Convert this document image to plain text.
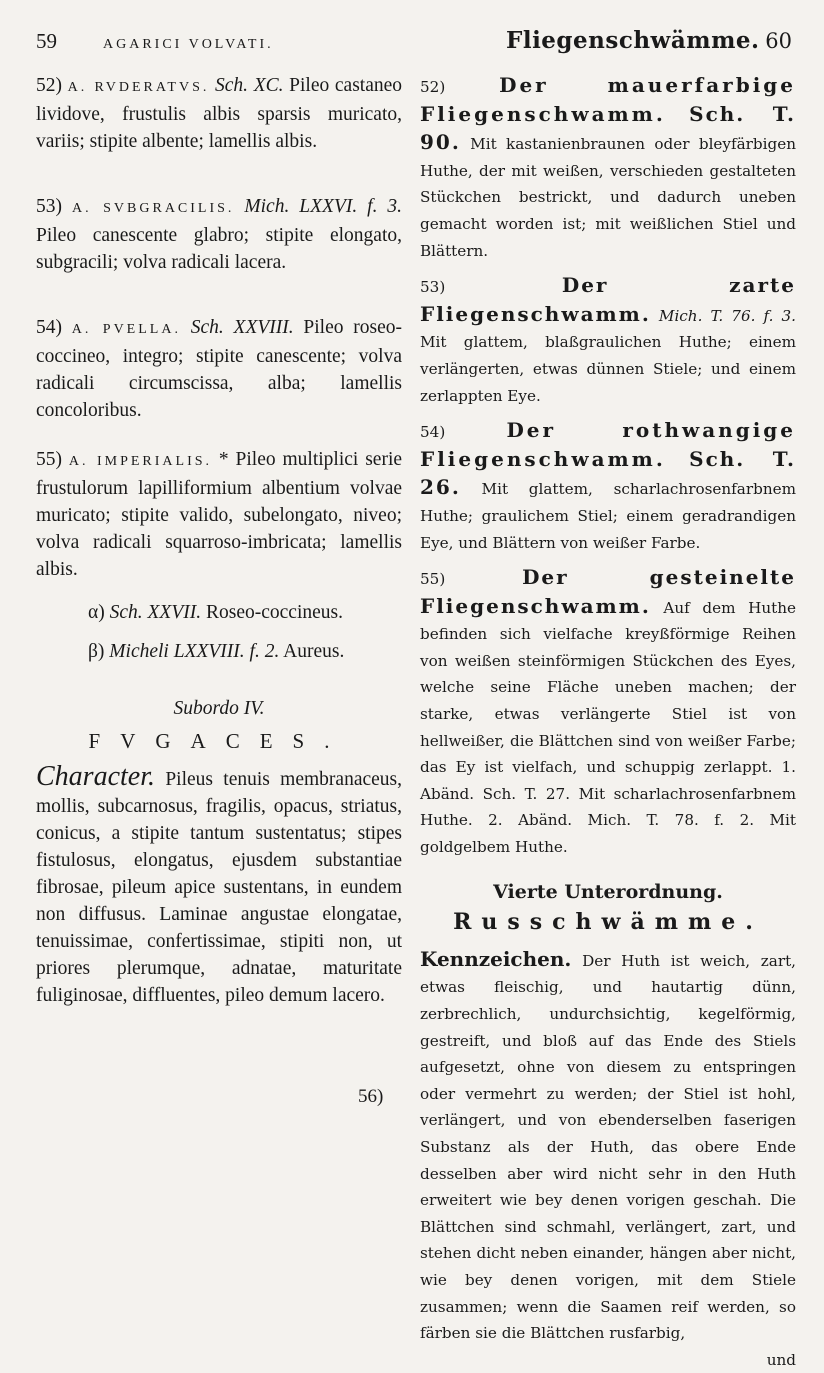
59	AGARICI VOLVATI.

52) A. RVDERATVS. Sch. XC. Pileo castaneo lividove, frustulis albis sparsis muricato, variis; stipite albente; lamellis albis.

53) A. SVBGRACILIS. Mich. LXXVI. f. 3. Pileo canescente glabro; stipite elongato, subgracili; volva radicali lacera.

54) A. PVELLA. Sch. XXVIII. Pileo roseo-coccineo, integro; stipite canescente; volva radicali circumscissa, alba; lamellis concoloribus.

55) A. IMPERIALIS. * Pileo multiplici serie frustulorum lapilliformium albentium volvae muricato; stipite valido, subelongato, niveo; volva radicali squarroso-imbricata; lamellis albis.

α) Sch. XXVII. Roseo-coccineus.
β) Micheli LXXVIII. f. 2. Aureus.
Subordo IV.
FVGACES.

Character. Pileus tenuis membranaceus, mollis, subcarnosus, fragilis, opacus, striatus, conicus, a stipite tantum sustentatus; stipes fistulosus, elongatus, ejusdem substantiae fibrosae, pileum apice sustentans, in eundem non diffusus. Laminae angustae elongatae, tenuissimae, confertissimae, stipiti non, ut priores plerumque, adnatae, maturitate fuliginosae, diffluentes, pileo demum lacero.

Fliegenschwämme. 60

52)	Der mauerfarbige Fliegenschwamm. Sch. T. 90. Mit kastanienbraunen oder bleyfärbigen Huthe, der mit weißen, verschieden gestalteten Stückchen bestrickt, und dadurch uneben gemacht worden ist; mit weißlichen Stiel und Blättern.

53)	Der zarte Fliegenschwamm. Mich. T. 76. f. 3. Mit glattem, blaßgraulichen Huthe; einem verlängerten, etwas dünnen Stiele; und einem zerlappten Eye.

54)	Der rothwangige Fliegenschwamm. Sch. T. 26. Mit glattem, scharlachrosenfarbnem Huthe; graulichem Stiel; einem geradrandigen Eye, und Blättern von weißer Farbe.

55)	Der gesteinelte Fliegenschwamm. Auf dem Huthe befinden sich vielfache kreyßförmige Reihen von weißen steinförmigen Stückchen des Eyes, welche seine Fläche uneben machen; der starke, etwas verlängerte Stiel ist von hellweißer, die Blättchen sind von weißer Farbe; das Ey ist vielfach, und schuppig zerlappt. 1. Abänd. Sch. T. 27. Mit scharlachrosenfarbnem Huthe. 2. Abänd. Mich. T. 78. f. 2. Mit goldgelbem Huthe.

Vierte Unterordnung.
Russchwämme.

Kennzeichen. Der Huth ist weich, zart, etwas fleischig, und hautartig dünn, zerbrechlich, undurchsichtig, kegelförmig, gestreift, und bloß auf das Ende des Stiels aufgesetzt, ohne von diesem zu entspringen oder vermehrt zu werden; der Stiel ist hohl, verlängert, und von ebenderselben faserigen Substanz als der Huth, das obere Ende desselben aber wird nicht sehr in den Huth erweitert wie bey denen vorigen geschah. Die Blättchen sind schmahl, verlängert, zart, und stehen dicht neben einander, hängen aber nicht, wie bey denen vorigen, mit dem Stiele zusammen; wenn die Saamen reif werden, so färben sie die Blättchen rusfarbig,

und
56)
